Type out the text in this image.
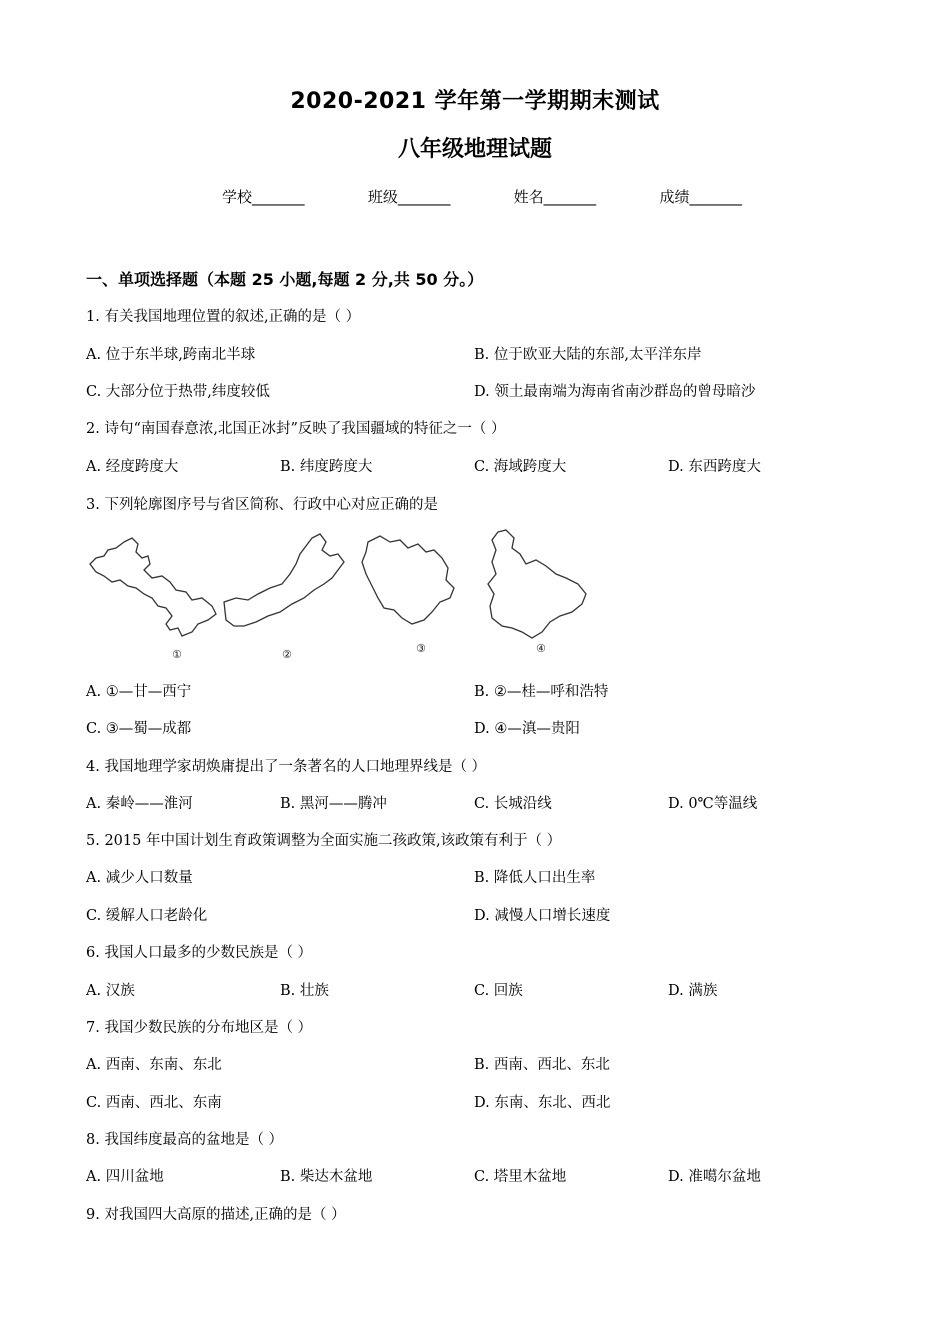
2020-2021 学年第一学期期末测试
八年级地理试题
学校_______	班级_______	姓名_______	成绩_______
一、单项选择题（本题 25 小题,每题 2 分,共 50 分。）
1. 有关我国地理位置的叙述,正确的是（ ）
A. 位于东半球,跨南北半球	B. 位于欧亚大陆的东部,太平洋东岸
C. 大部分位于热带,纬度较低	D. 领土最南端为海南省南沙群岛的曾母暗沙
2. 诗句“南国春意浓,北国正冰封”反映了我国疆域的特征之一（ ）
A. 经度跨度大	B. 纬度跨度大	C. 海域跨度大	D. 东西跨度大
3. 下列轮廓图序号与省区简称、行政中心对应正确的是
①	②	③	④
A. ①—甘—西宁	B. ②—桂—呼和浩特
C. ③—蜀—成都	D. ④—滇—贵阳
4. 我国地理学家胡焕庸提出了一条著名的人口地理界线是（ ）
A. 秦岭——淮河	B. 黑河——腾冲	C. 长城沿线	D. 0℃等温线
5. 2015 年中国计划生育政策调整为全面实施二孩政策,该政策有利于（ ）
A. 减少人口数量	B. 降低人口出生率
C. 缓解人口老龄化	D. 减慢人口增长速度
6. 我国人口最多的少数民族是（ ）
A. 汉族	B. 壮族	C. 回族	D. 满族
7. 我国少数民族的分布地区是（ ）
A. 西南、东南、东北	B. 西南、西北、东北
C. 西南、西北、东南	D. 东南、东北、西北
8. 我国纬度最高的盆地是（ ）
A. 四川盆地	B. 柴达木盆地	C. 塔里木盆地	D. 准噶尔盆地
9. 对我国四大高原的描述,正确的是（ ）
